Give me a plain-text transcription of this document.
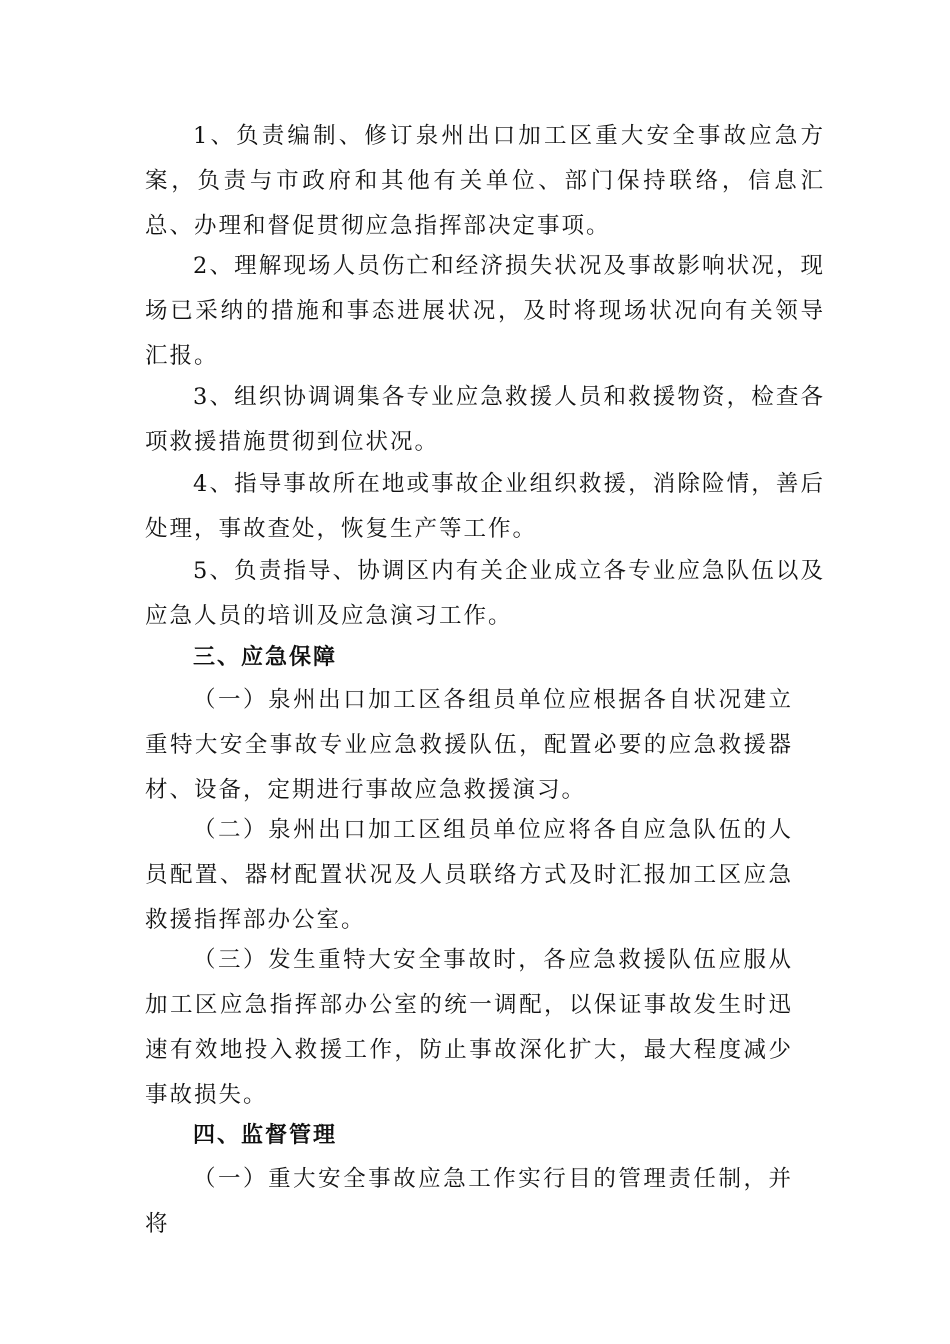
1、负责编制、修订泉州出口加工区重大安全事故应急方案，负责与市政府和其他有关单位、部门保持联络，信息汇总、办理和督促贯彻应急指挥部决定事项。

2、理解现场人员伤亡和经济损失状况及事故影响状况，现场已采纳的措施和事态进展状况，及时将现场状况向有关领导汇报。

3、组织协调调集各专业应急救援人员和救援物资，检查各项救援措施贯彻到位状况。

4、指导事故所在地或事故企业组织救援，消除险情，善后处理，事故查处，恢复生产等工作。

5、负责指导、协调区内有关企业成立各专业应急队伍以及应急人员的培训及应急演习工作。

三、应急保障

（一）泉州出口加工区各组员单位应根据各自状况建立重特大安全事故专业应急救援队伍，配置必要的应急救援器材、设备，定期进行事故应急救援演习。

（二）泉州出口加工区组员单位应将各自应急队伍的人员配置、器材配置状况及人员联络方式及时汇报加工区应急救援指挥部办公室。

（三）发生重特大安全事故时，各应急救援队伍应服从加工区应急指挥部办公室的统一调配，以保证事故发生时迅速有效地投入救援工作，防止事故深化扩大，最大程度减少事故损失。

四、监督管理

（一）重大安全事故应急工作实行目的管理责任制，并将
